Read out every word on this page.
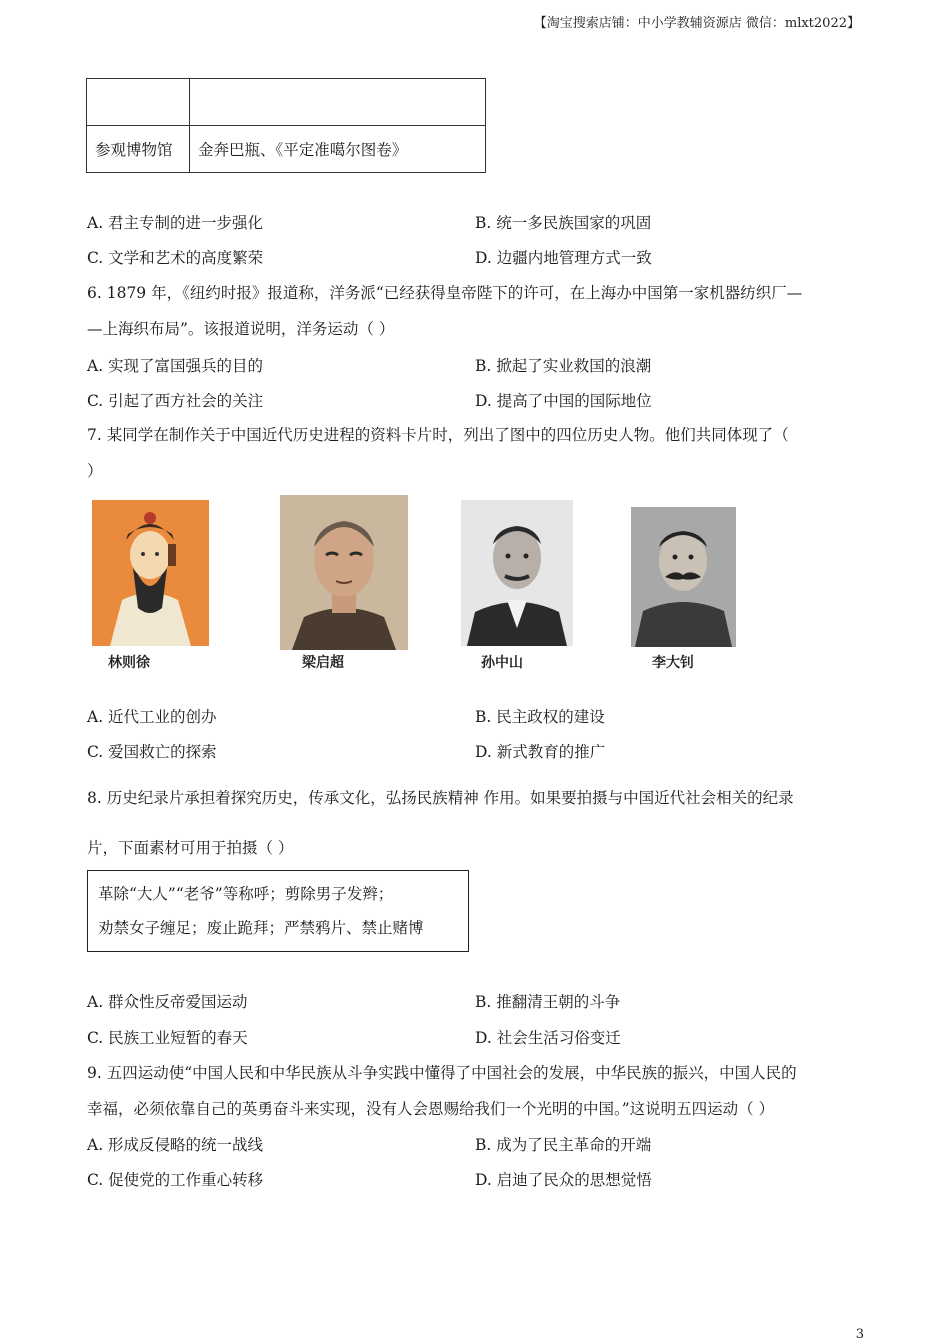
【淘宝搜索店铺：中小学教辅资源店 微信：mlxt2022】

参观博物馆	金奔巴瓶、《平定准噶尔图卷》
A. 君主专制的进一步强化	B. 统一多民族国家的巩固
C. 文学和艺术的高度繁荣	D. 边疆内地管理方式一致
6. 1879 年，《纽约时报》报道称，洋务派“已经获得皇帝陛下的许可，在上海办中国第一家机器纺织厂—
—上海织布局”。该报道说明，洋务运动（ ）
A. 实现了富国强兵的目的	B. 掀起了实业救国的浪潮
C. 引起了西方社会的关注	D. 提高了中国的国际地位
7. 某同学在制作关于中国近代历史进程的资料卡片时，列出了图中的四位历史人物。他们共同体现了（
）
林则徐	梁启超	孙中山	李大钊
A. 近代工业的创办	B. 民主政权的建设
C. 爱国救亡的探索	D. 新式教育的推广
8. 历史纪录片承担着探究历史，传承文化，弘扬民族精神 作用。如果要拍摄与中国近代社会相关的纪录
片，下面素材可用于拍摄（ ）
革除“大人”“老爷”等称呼；剪除男子发辫；
劝禁女子缠足；废止跪拜；严禁鸦片、禁止赌博
A. 群众性反帝爱国运动	B. 推翻清王朝的斗争
C. 民族工业短暂的春天	D. 社会生活习俗变迁
9. 五四运动使“中国人民和中华民族从斗争实践中懂得了中国社会的发展，中华民族的振兴，中国人民的
幸福，必须依靠自己的英勇奋斗来实现，没有人会恩赐给我们一个光明的中国。”这说明五四运动（ ）
A. 形成反侵略的统一战线	B. 成为了民主革命的开端
C. 促使党的工作重心转移	D. 启迪了民众的思想觉悟
3
